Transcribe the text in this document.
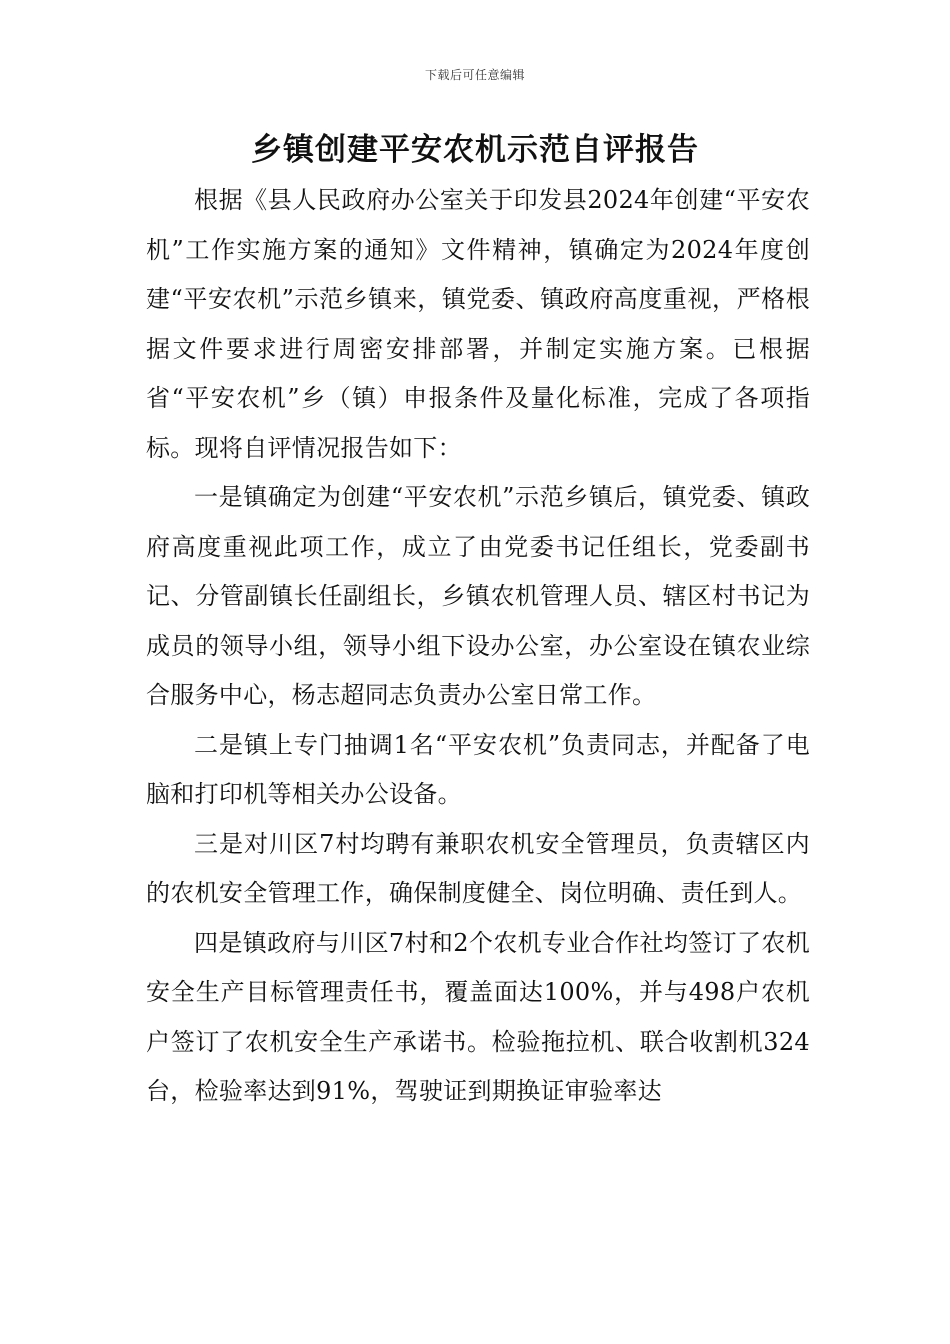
下载后可任意编辑
乡镇创建平安农机示范自评报告

根据《县人民政府办公室关于印发县2024年创建“平安农机”工作实施方案的通知》文件精神，镇确定为2024年度创建“平安农机”示范乡镇来，镇党委、镇政府高度重视，严格根据文件要求进行周密安排部署，并制定实施方案。已根据省“平安农机”乡（镇）申报条件及量化标准，完成了各项指标。现将自评情况报告如下：

一是镇确定为创建“平安农机”示范乡镇后，镇党委、镇政府高度重视此项工作，成立了由党委书记任组长，党委副书记、分管副镇长任副组长，乡镇农机管理人员、辖区村书记为成员的领导小组，领导小组下设办公室，办公室设在镇农业综合服务中心，杨志超同志负责办公室日常工作。

二是镇上专门抽调1名“平安农机”负责同志，并配备了电脑和打印机等相关办公设备。

三是对川区7村均聘有兼职农机安全管理员，负责辖区内的农机安全管理工作，确保制度健全、岗位明确、责任到人。

四是镇政府与川区7村和2个农机专业合作社均签订了农机安全生产目标管理责任书，覆盖面达100%，并与498户农机户签订了农机安全生产承诺书。检验拖拉机、联合收割机324台，检验率达到91%，驾驶证到期换证审验率达
